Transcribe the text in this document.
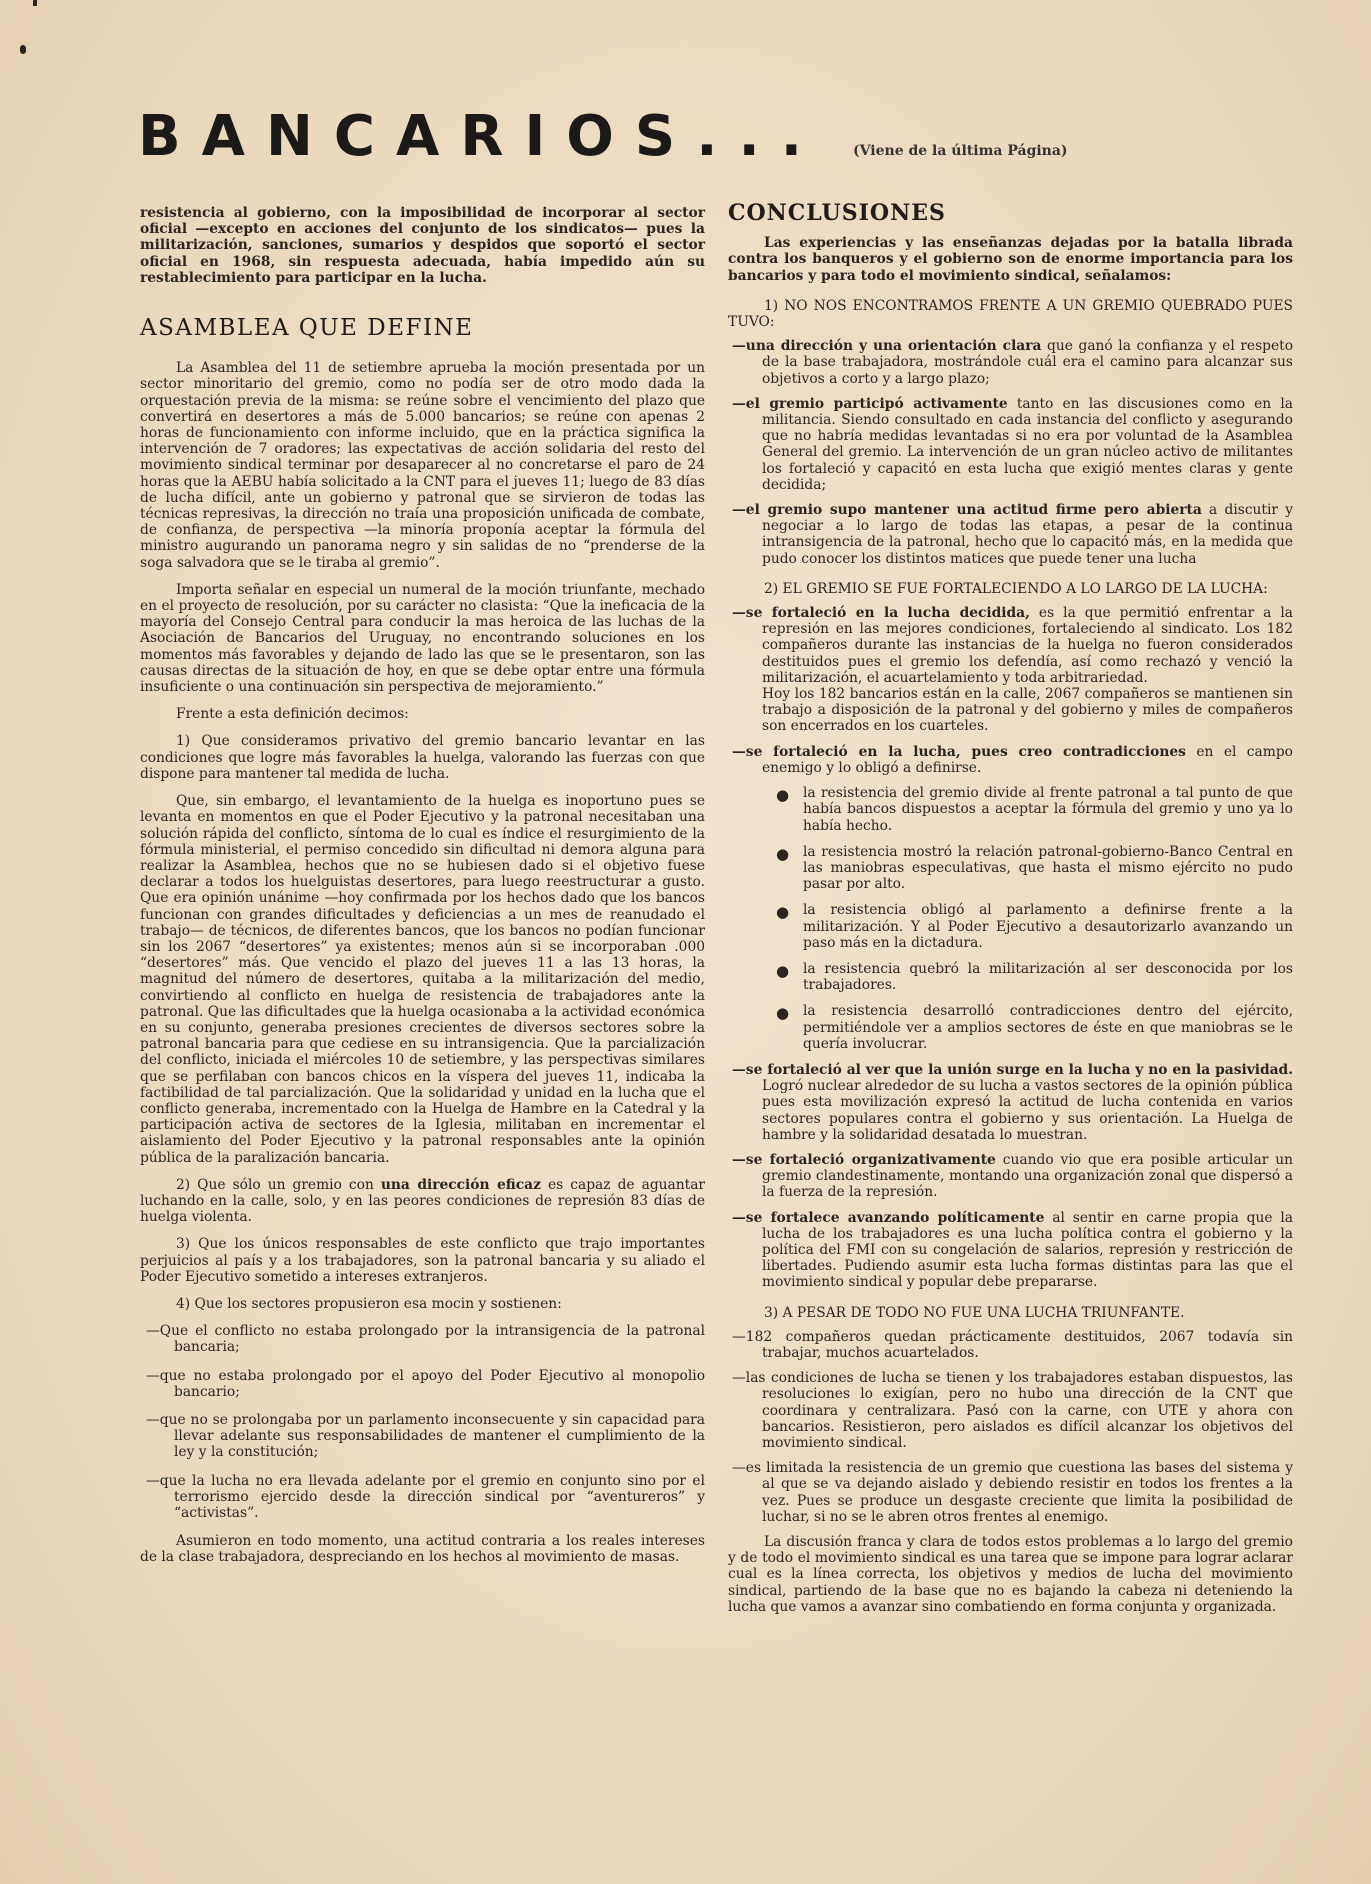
BANCARIOS... (Viene de la última Página)

resistencia al gobierno, con la imposibilidad de incorporar al sector oficial —excepto en acciones del conjunto de los sindicatos— pues la militarización, sanciones, sumarios y despidos que soportó el sector oficial en 1968, sin respuesta adecuada, había impedido aún su restablecimiento para participar en la lucha.

ASAMBLEA QUE DEFINE

La Asamblea del 11 de setiembre aprueba la moción presentada por un sector minoritario del gremio, como no podía ser de otro modo dada la orquestación previa de la misma: se reúne sobre el vencimiento del plazo que convertirá en desertores a más de 5.000 bancarios; se reúne con apenas 2 horas de funcionamiento con informe incluido, que en la práctica significa la intervención de 7 oradores; las expectativas de acción solidaria del resto del movimiento sindical terminar por desaparecer al no concretarse el paro de 24 horas que la AEBU había solicitado a la CNT para el jueves 11; luego de 83 días de lucha difícil, ante un gobierno y patronal que se sirvieron de todas las técnicas represivas, la dirección no traía una proposición unificada de combate, de confianza, de perspectiva —la minoría proponía aceptar la fórmula del ministro augurando un panorama negro y sin salidas de no “prenderse de la soga salvadora que se le tiraba al gremio”.

Importa señalar en especial un numeral de la moción triunfante, mechado en el proyecto de resolución, por su carácter no clasista: “Que la ineficacia de la mayoría del Consejo Central para conducir la mas heroica de las luchas de la Asociación de Bancarios del Uruguay, no encontrando soluciones en los momentos más favorables y dejando de lado las que se le presentaron, son las causas directas de la situación de hoy, en que se debe optar entre una fórmula insuficiente o una continuación sin perspectiva de mejoramiento.”

Frente a esta definición decimos:

1) Que consideramos privativo del gremio bancario levantar en las condiciones que logre más favorables la huelga, valorando las fuerzas con que dispone para mantener tal medida de lucha.

Que, sin embargo, el levantamiento de la huelga es inoportuno pues se levanta en momentos en que el Poder Ejecutivo y la patronal necesitaban una solución rápida del conflicto, síntoma de lo cual es índice el resurgimiento de la fórmula ministerial, el permiso concedido sin dificultad ni demora alguna para realizar la Asamblea, hechos que no se hubiesen dado si el objetivo fuese declarar a todos los huelguistas desertores, para luego reestructurar a gusto. Que era opinión unánime —hoy confirmada por los hechos dado que los bancos funcionan con grandes dificultades y deficiencias a un mes de reanudado el trabajo— de técnicos, de diferentes bancos, que los bancos no podían funcionar sin los 2067 “desertores” ya existentes; menos aún si se incorporaban .000 “desertores” más. Que vencido el plazo del jueves 11 a las 13 horas, la magnitud del número de desertores, quitaba a la militarización del medio, convirtiendo al conflicto en huelga de resistencia de trabajadores ante la patronal. Que las dificultades que la huelga ocasionaba a la actividad económica en su conjunto, generaba presiones crecientes de diversos sectores sobre la patronal bancaria para que cediese en su intransigencia. Que la parcialización del conflicto, iniciada el miércoles 10 de setiembre, y las perspectivas similares que se perfilaban con bancos chicos en la víspera del jueves 11, indicaba la factibilidad de tal parcialización. Que la solidaridad y unidad en la lucha que el conflicto generaba, incrementado con la Huelga de Hambre en la Catedral y la participación activa de sectores de la Iglesia, militaban en incrementar el aislamiento del Poder Ejecutivo y la patronal responsables ante la opinión pública de la paralización bancaria.

2) Que sólo un gremio con una dirección eficaz es capaz de aguantar luchando en la calle, solo, y en las peores condiciones de represión 83 días de huelga violenta.

3) Que los únicos responsables de este conflicto que trajo importantes perjuicios al país y a los trabajadores, son la patronal bancaria y su aliado el Poder Ejecutivo sometido a intereses extranjeros.

4) Que los sectores propusieron esa mocin y sostienen:

—Que el conflicto no estaba prolongado por la intransigencia de la patronal bancaria;

—que no estaba prolongado por el apoyo del Poder Ejecutivo al monopolio bancario;

—que no se prolongaba por un parlamento inconsecuente y sin capacidad para llevar adelante sus responsabilidades de mantener el cumplimiento de la ley y la constitución;

—que la lucha no era llevada adelante por el gremio en conjunto sino por el terrorismo ejercido desde la dirección sindical por “aventureros” y “activistas”.

Asumieron en todo momento, una actitud contraria a los reales intereses de la clase trabajadora, despreciando en los hechos al movimiento de masas.

CONCLUSIONES

Las experiencias y las enseñanzas dejadas por la batalla librada contra los banqueros y el gobierno son de enorme importancia para los bancarios y para todo el movimiento sindical, señalamos:

1) NO NOS ENCONTRAMOS FRENTE A UN GREMIO QUEBRADO PUES TUVO:

—una dirección y una orientación clara que ganó la confianza y el respeto de la base trabajadora, mostrándole cuál era el camino para alcanzar sus objetivos a corto y a largo plazo;

—el gremio participó activamente tanto en las discusiones como en la militancia. Siendo consultado en cada instancia del conflicto y asegurando que no habría medidas levantadas si no era por voluntad de la Asamblea General del gremio. La intervención de un gran núcleo activo de militantes los fortaleció y capacitó en esta lucha que exigió mentes claras y gente decidida;

—el gremio supo mantener una actitud firme pero abierta a discutir y negociar a lo largo de todas las etapas, a pesar de la continua intransigencia de la patronal, hecho que lo capacitó más, en la medida que pudo conocer los distintos matices que puede tener una lucha

2) EL GREMIO SE FUE FORTALECIENDO A LO LARGO DE LA LUCHA:

—se fortaleció en la lucha decidida, es la que permitió enfrentar a la represión en las mejores condiciones, fortaleciendo al sindicato. Los 182 compañeros durante las instancias de la huelga no fueron considerados destituidos pues el gremio los defendía, así como rechazó y venció la militarización, el acuartelamiento y toda arbitrariedad.
Hoy los 182 bancarios están en la calle, 2067 compañeros se mantienen sin trabajo a disposición de la patronal y del gobierno y miles de compañeros son encerrados en los cuarteles.

—se fortaleció en la lucha, pues creo contradicciones en el campo enemigo y lo obligó a definirse.

● la resistencia del gremio divide al frente patronal a tal punto de que había bancos dispuestos a aceptar la fórmula del gremio y uno ya lo había hecho.
● la resistencia mostró la relación patronal-gobierno-Banco Central en las maniobras especulativas, que hasta el mismo ejército no pudo pasar por alto.
● la resistencia obligó al parlamento a definirse frente a la militarización. Y al Poder Ejecutivo a desautorizarlo avanzando un paso más en la dictadura.
● la resistencia quebró la militarización al ser desconocida por los trabajadores.
● la resistencia desarrolló contradicciones dentro del ejército, permitiéndole ver a amplios sectores de éste en que maniobras se le quería involucrar.

—se fortaleció al ver que la unión surge en la lucha y no en la pasividad. Logró nuclear alrededor de su lucha a vastos sectores de la opinión pública pues esta movilización expresó la actitud de lucha contenida en varios sectores populares contra el gobierno y sus orientación. La Huelga de hambre y la solidaridad desatada lo muestran.

—se fortaleció organizativamente cuando vio que era posible articular un gremio clandestinamente, montando una organización zonal que dispersó a la fuerza de la represión.

—se fortalece avanzando políticamente al sentir en carne propia que la lucha de los trabajadores es una lucha política contra el gobierno y la política del FMI con su congelación de salarios, represión y restricción de libertades. Pudiendo asumir esta lucha formas distintas para las que el movimiento sindical y popular debe prepararse.

3) A PESAR DE TODO NO FUE UNA LUCHA TRIUNFANTE.

—182 compañeros quedan prácticamente destituidos, 2067 todavía sin trabajar, muchos acuartelados.

—las condiciones de lucha se tienen y los trabajadores estaban dispuestos, las resoluciones lo exigían, pero no hubo una dirección de la CNT que coordinara y centralizara. Pasó con la carne, con UTE y ahora con bancarios. Resistieron, pero aislados es difícil alcanzar los objetivos del movimiento sindical.

—es limitada la resistencia de un gremio que cuestiona las bases del sistema y al que se va dejando aislado y debiendo resistir en todos los frentes a la vez. Pues se produce un desgaste creciente que limita la posibilidad de luchar, si no se le abren otros frentes al enemigo.

La discusión franca y clara de todos estos problemas a lo largo del gremio y de todo el movimiento sindical es una tarea que se impone para lograr aclarar cual es la línea correcta, los objetivos y medios de lucha del movimiento sindical, partiendo de la base que no es bajando la cabeza ni deteniendo la lucha que vamos a avanzar sino combatiendo en forma conjunta y organizada.
